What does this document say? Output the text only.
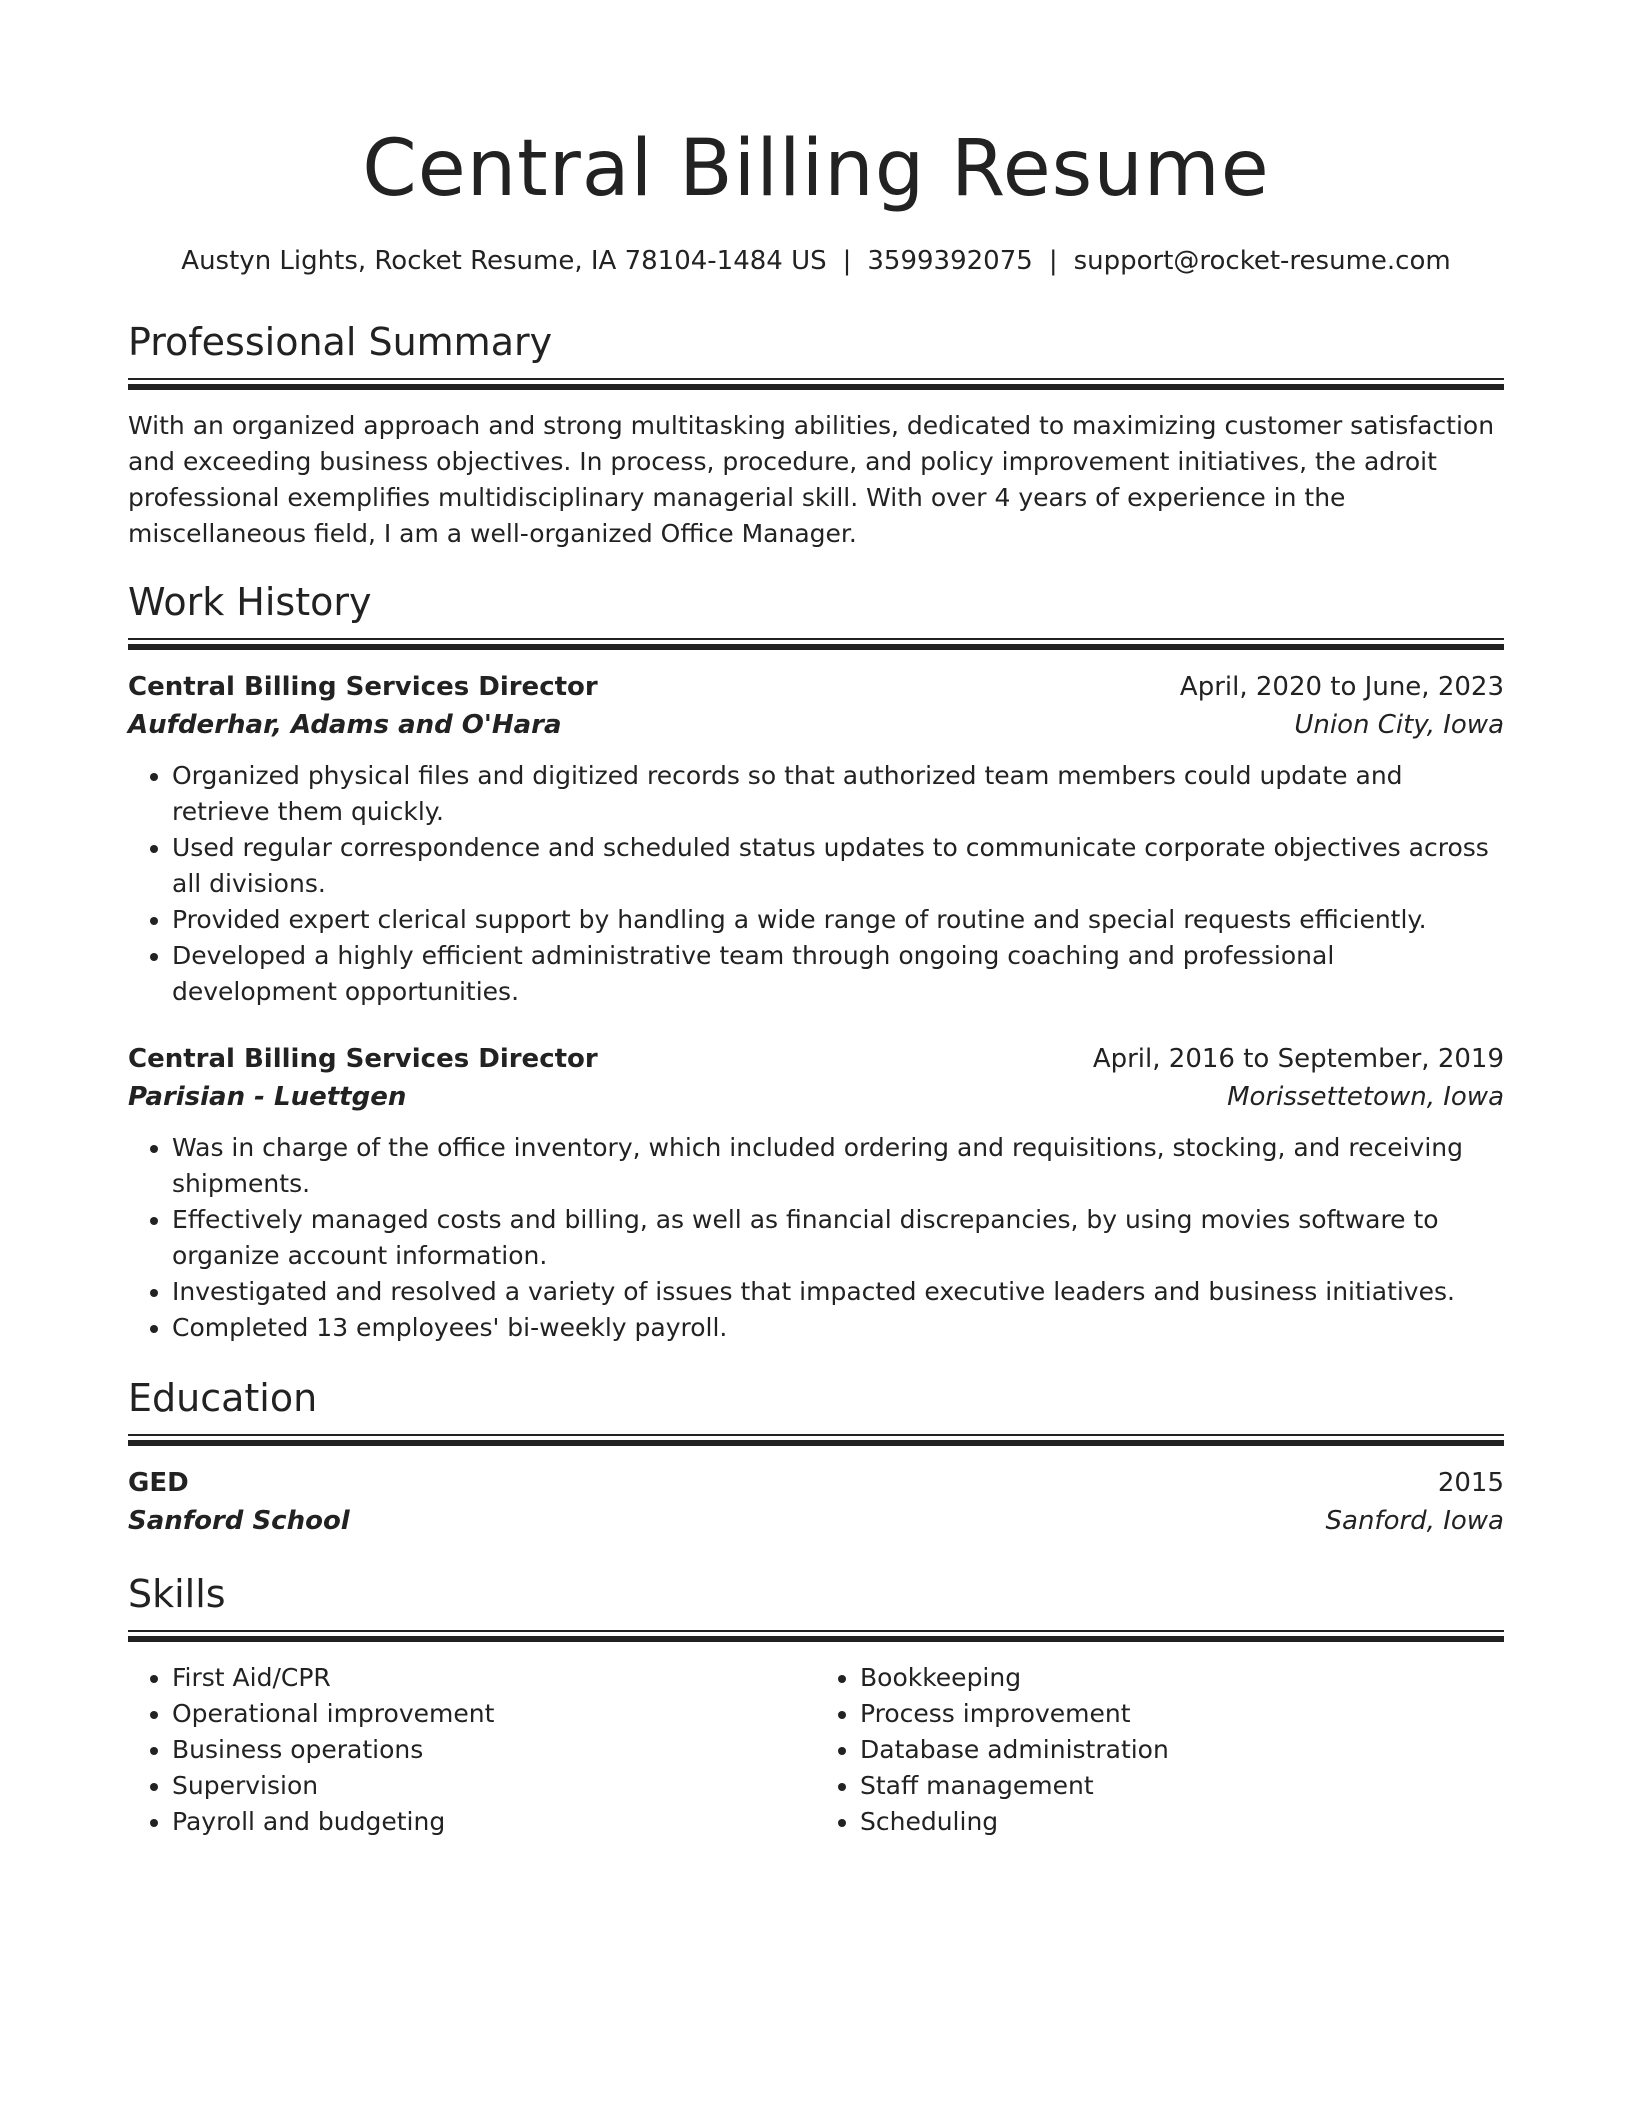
Central Billing Resume
Austyn Lights, Rocket Resume, IA 78104-1484 US | 3599392075 | support@rocket-resume.com
Professional Summary

With an organized approach and strong multitasking abilities, dedicated to maximizing customer satisfaction and exceeding business objectives. In process, procedure, and policy improvement initiatives, the adroit professional exemplifies multidisciplinary managerial skill. With over 4 years of experience in the miscellaneous field, I am a well-organized Office Manager.

Work History
Central Billing Services Director	April, 2020 to June, 2023
Aufderhar, Adams and O'Hara	Union City, Iowa
• Organized physical files and digitized records so that authorized team members could update and retrieve them quickly.
• Used regular correspondence and scheduled status updates to communicate corporate objectives across all divisions.
• Provided expert clerical support by handling a wide range of routine and special requests efficiently.
• Developed a highly efficient administrative team through ongoing coaching and professional development opportunities.
Central Billing Services Director	April, 2016 to September, 2019
Parisian - Luettgen	Morissettetown, Iowa
• Was in charge of the office inventory, which included ordering and requisitions, stocking, and receiving shipments.
• Effectively managed costs and billing, as well as financial discrepancies, by using movies software to organize account information.
• Investigated and resolved a variety of issues that impacted executive leaders and business initiatives.
• Completed 13 employees' bi-weekly payroll.
Education
GED	2015
Sanford School	Sanford, Iowa
Skills
• First Aid/CPR
• Operational improvement
• Business operations
• Supervision
• Payroll and budgeting
• Bookkeeping
• Process improvement
• Database administration
• Staff management
• Scheduling
